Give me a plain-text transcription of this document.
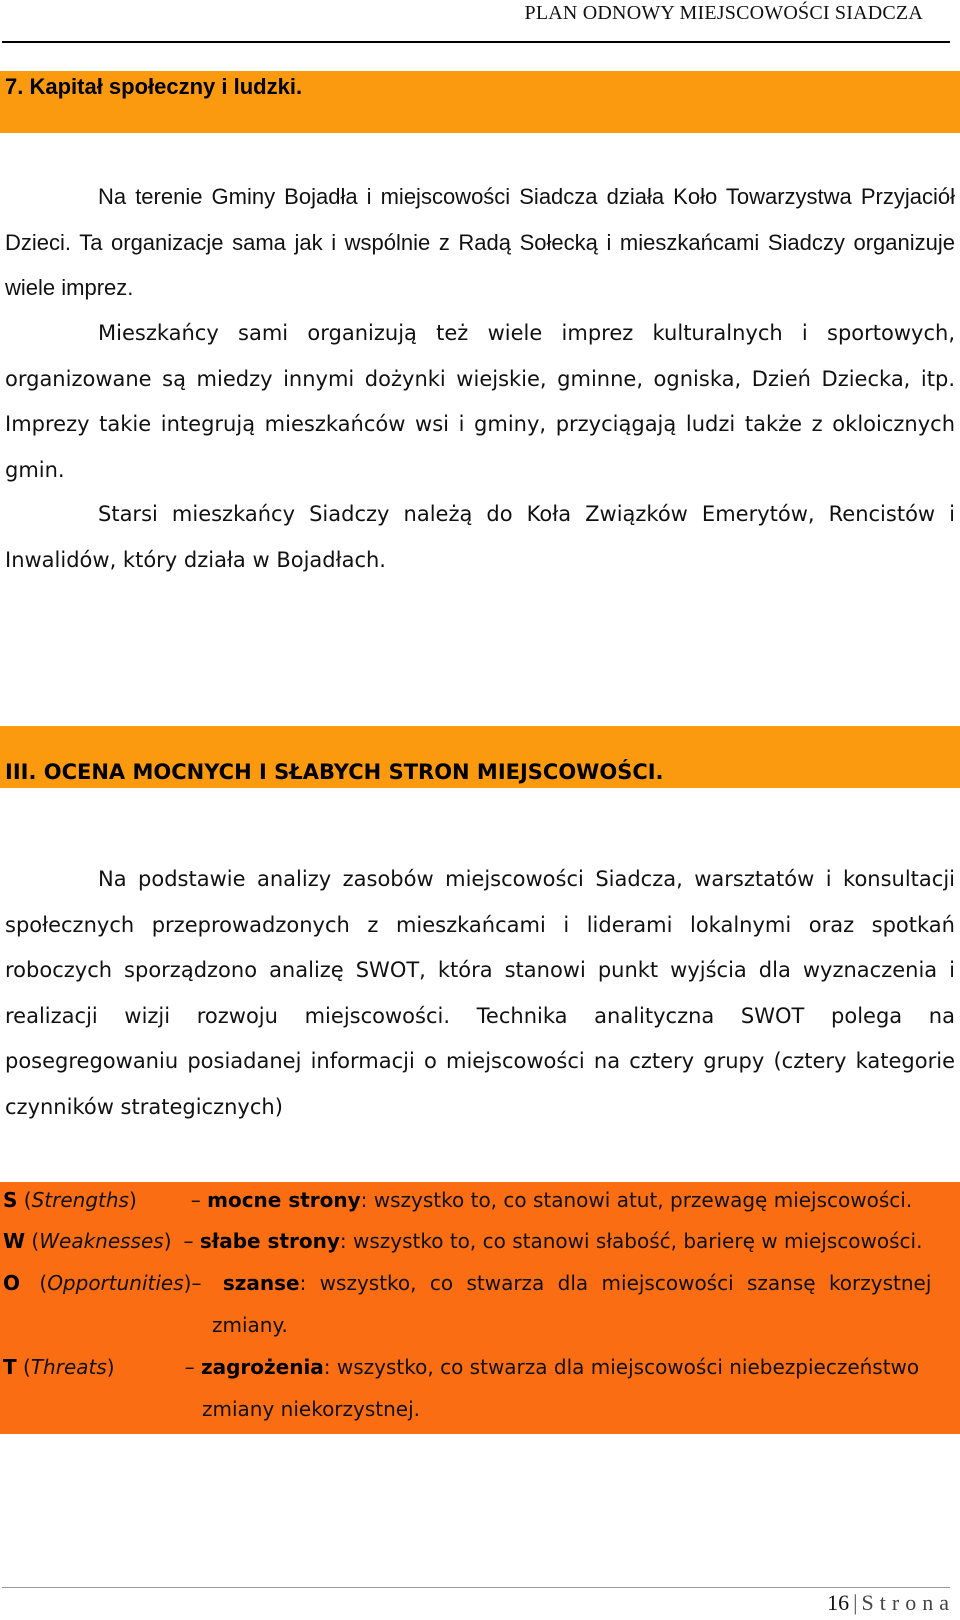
PLAN ODNOWY MIEJSCOWOŚCI SIADCZA
7. Kapitał społeczny i ludzki.

Na terenie Gminy Bojadła i miejscowości Siadcza działa Koło Towarzystwa Przyjaciół Dzieci. Ta organizacje sama jak i wspólnie z Radą Sołecką i mieszkańcami Siadczy organizuje wiele imprez.

Mieszkańcy sami organizują też wiele imprez kulturalnych i sportowych, organizowane są miedzy innymi dożynki wiejskie, gminne, ogniska, Dzień Dziecka, itp. Imprezy takie integrują mieszkańców wsi i gminy, przyciągają ludzi także z okloicznych gmin.

Starsi mieszkańcy Siadczy należą do Koła Związków Emerytów, Rencistów i Inwalidów, który działa w Bojadłach.

III. OCENA MOCNYCH I SŁABYCH STRON MIEJSCOWOŚCI.

Na podstawie analizy zasobów miejscowości Siadcza, warsztatów i konsultacji społecznych przeprowadzonych z mieszkańcami i liderami lokalnymi oraz spotkań roboczych sporządzono analizę SWOT, która stanowi punkt wyjścia dla wyznaczenia i realizacji wizji rozwoju miejscowości. Technika analityczna SWOT polega na posegregowaniu posiadanej informacji o miejscowości na cztery grupy (cztery kategorie czynników strategicznych)

S (Strengths)	– mocne strony: wszystko to, co stanowi atut, przewagę miejscowości.
W (Weaknesses) – słabe strony: wszystko to, co stanowi słabość, barierę w miejscowości.
O (Opportunities)– szanse: wszystko, co stwarza dla miejscowości szansę korzystnej
zmiany.
T (Threats)	– zagrożenia: wszystko, co stwarza dla miejscowości niebezpieczeństwo
zmiany niekorzystnej.
16 | Strona
